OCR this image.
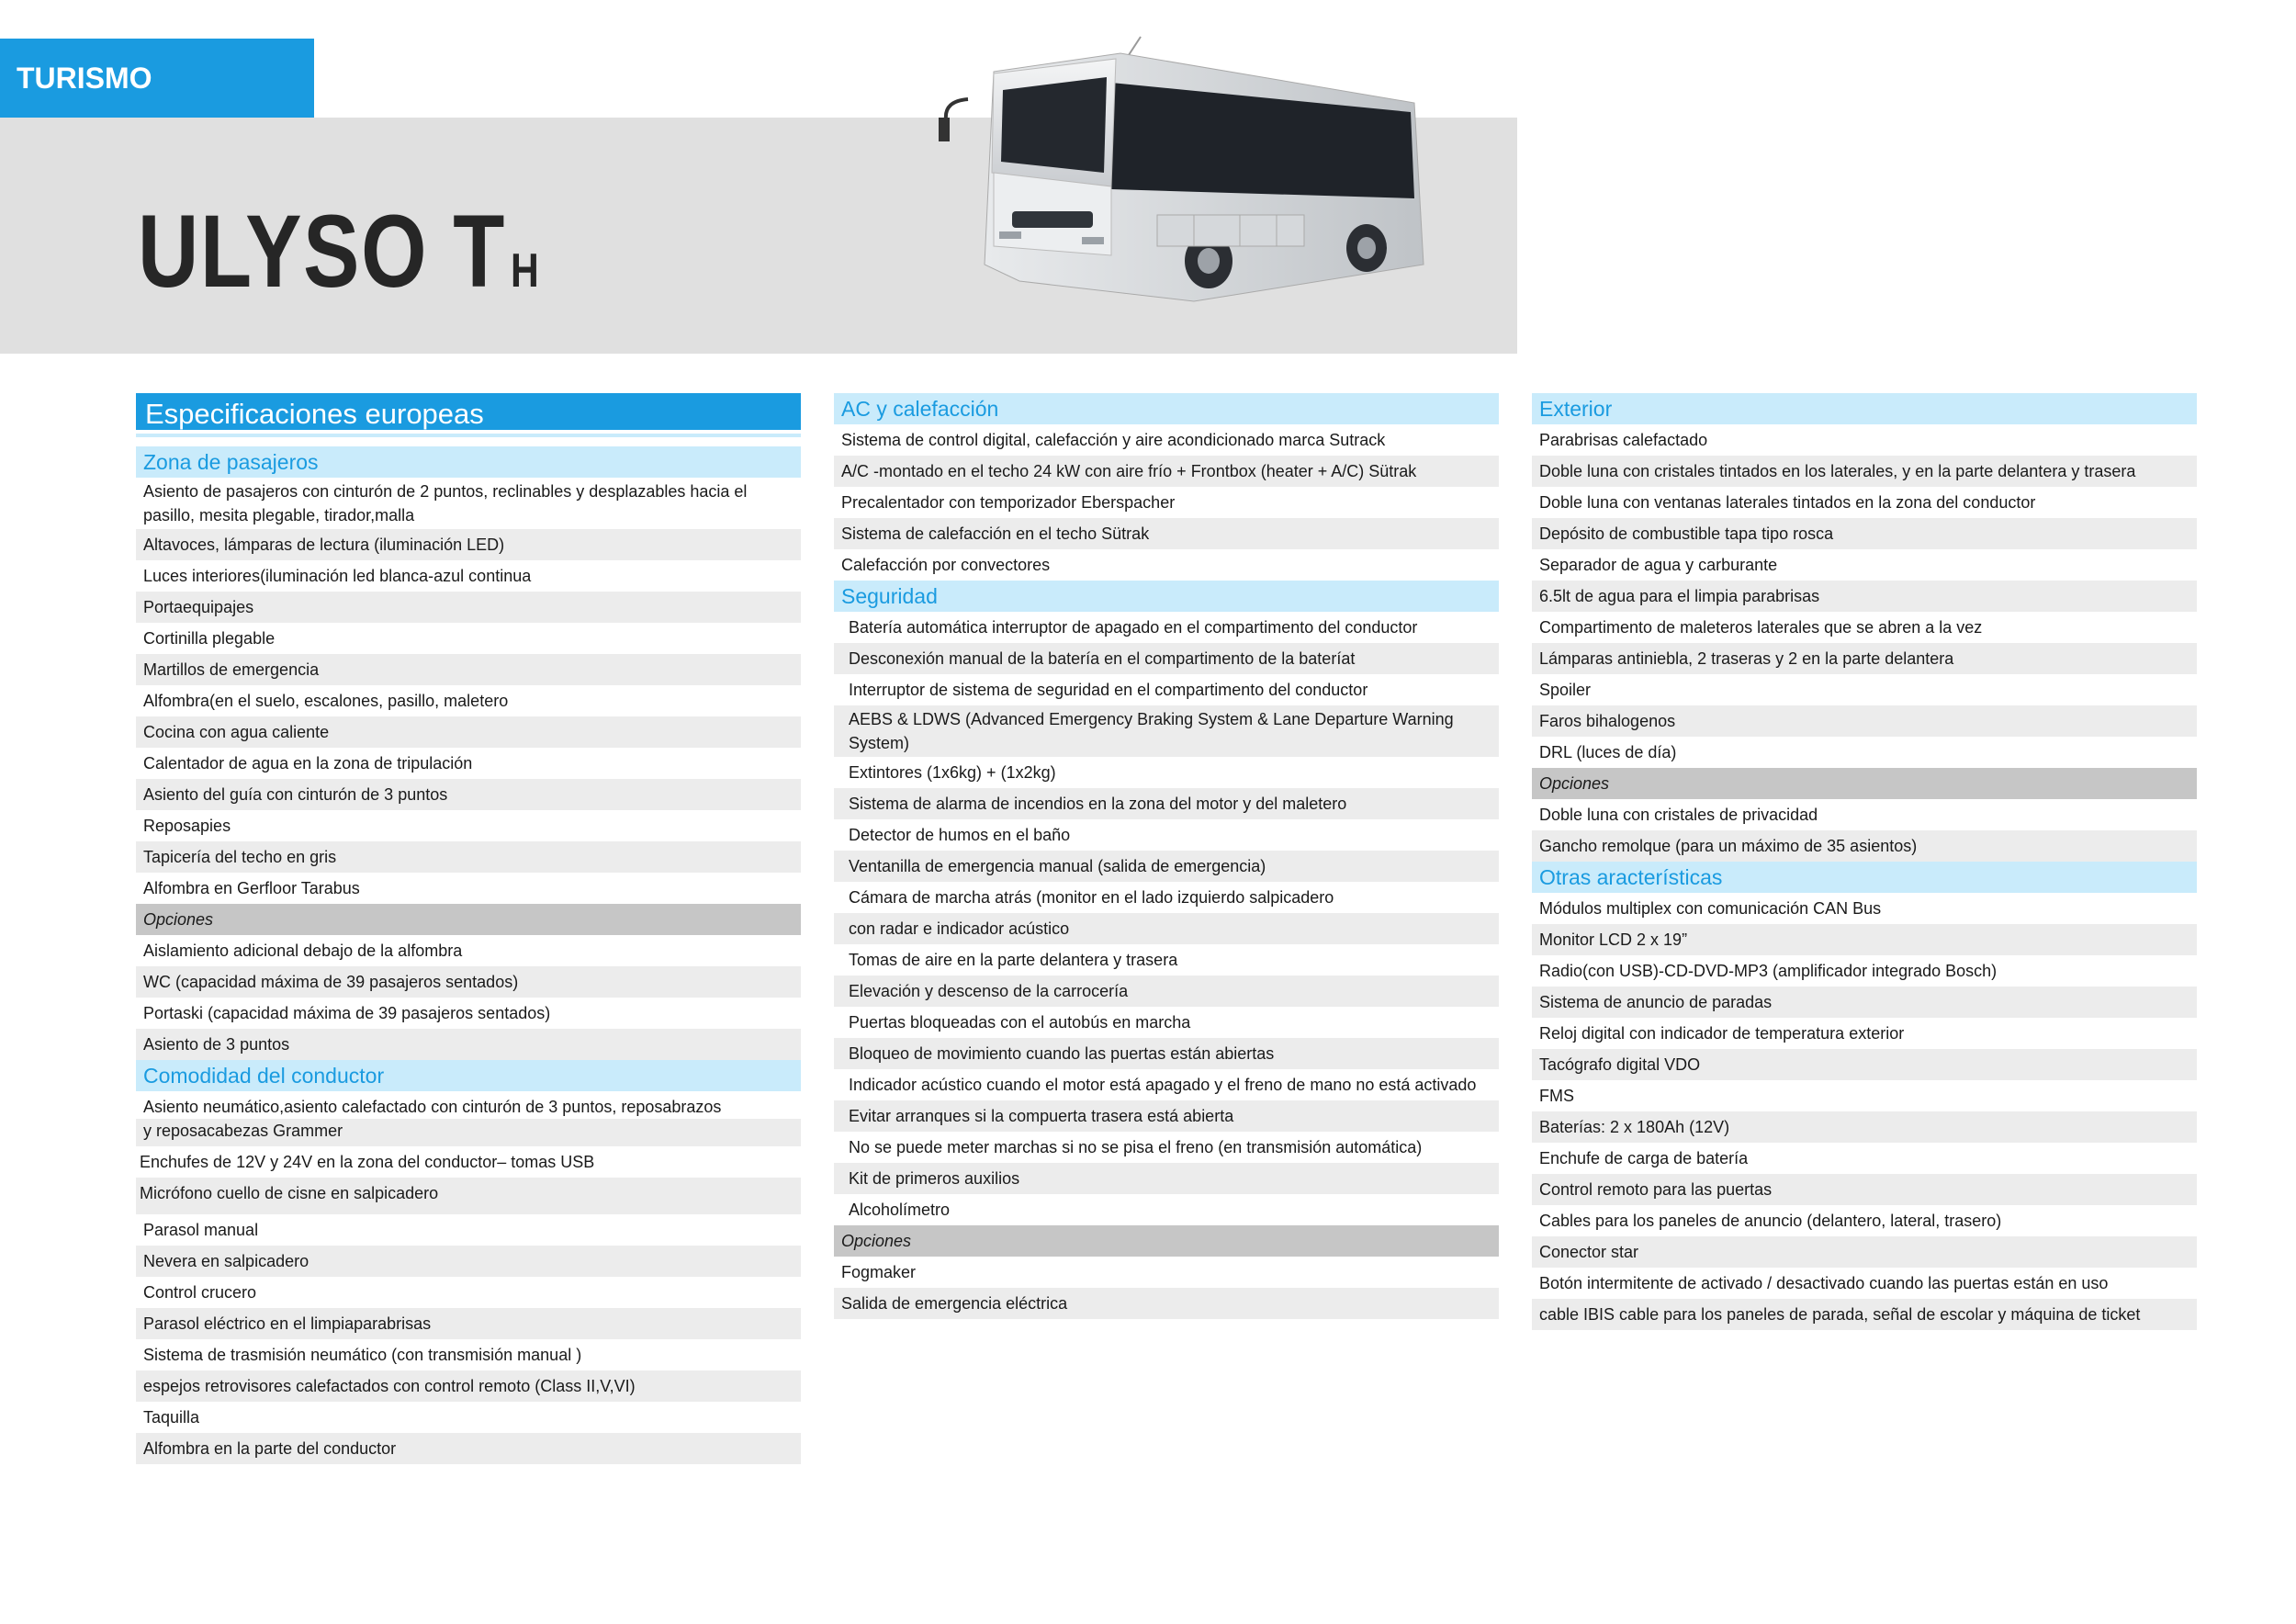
TURISMO
ULYSO TH
Especificaciones europeas
Zona de pasajeros
Asiento de pasajeros con cinturón de 2 puntos, reclinables y desplazables hacia el pasillo, mesita plegable, tirador,malla
Altavoces, lámparas de lectura (iluminación LED)
Luces interiores(iluminación led blanca-azul continua
Portaequipajes
Cortinilla plegable
Martillos de emergencia
Alfombra(en el suelo, escalones, pasillo, maletero
Cocina con agua caliente
Calentador de agua en la zona de tripulación
Asiento del guía con cinturón de 3 puntos
Reposapies
Tapicería del techo en gris
Alfombra en Gerfloor Tarabus
Opciones
Aislamiento adicional debajo de la alfombra
WC (capacidad máxima de 39 pasajeros sentados)
Portaski (capacidad máxima de 39 pasajeros sentados)
Asiento de 3 puntos
Comodidad del conductor
Asiento neumático,asiento calefactado con cinturón de 3 puntos, reposabrazos
y reposacabezas Grammer
Enchufes de 12V y 24V en la zona del conductor– tomas USB
Micrófono cuello de cisne en salpicadero
Parasol manual
Nevera en salpicadero
Control crucero
Parasol eléctrico en el limpiaparabrisas
Sistema de trasmisión neumático (con transmisión manual )
espejos retrovisores calefactados con control remoto (Class II,V,VI)
Taquilla
Alfombra en la parte del conductor
AC y calefacción
Sistema de control digital, calefacción y aire acondicionado marca Sutrack
A/C -montado en el techo 24 kW con aire frío + Frontbox (heater + A/C) Sütrak
Precalentador con temporizador Eberspacher
Sistema de calefacción en el techo Sütrak
Calefacción por convectores
Seguridad
Batería automática interruptor de apagado en el compartimento del conductor
Desconexión manual de la batería en el compartimento de la bateríat
Interruptor de sistema de seguridad en el compartimento del conductor
AEBS & LDWS (Advanced Emergency Braking System & Lane Departure Warning System)
Extintores (1x6kg) + (1x2kg)
Sistema de alarma de incendios en la zona del motor y del maletero
Detector de humos en el baño
Ventanilla de emergencia manual (salida de emergencia)
Cámara de marcha atrás (monitor en el lado izquierdo salpicadero
con radar e indicador acústico
Tomas de aire en la parte delantera y trasera
Elevación y descenso de la carrocería
Puertas bloqueadas con el autobús en marcha
Bloqueo de movimiento cuando las puertas están abiertas
Indicador acústico cuando el motor está apagado y el freno de mano no está activado
Evitar arranques si la compuerta trasera está abierta
No se puede meter marchas si no se pisa el freno (en transmisión automática)
Kit de primeros auxilios
Alcoholímetro
Opciones
Fogmaker
Salida de emergencia eléctrica
Exterior
Parabrisas calefactado
Doble luna con cristales tintados en los laterales, y en la parte delantera y trasera
Doble luna con ventanas laterales tintados en la zona del conductor
Depósito de combustible tapa tipo rosca
Separador de agua y carburante
6.5lt de agua para el limpia parabrisas
Compartimento de maleteros laterales que se abren a la vez
Lámparas antiniebla, 2 traseras y 2 en la parte delantera
Spoiler
Faros bihalogenos
DRL (luces de día)
Opciones
Doble luna con cristales de privacidad
Gancho remolque (para un máximo de 35 asientos)
Otras aracterísticas
Módulos multiplex con comunicación CAN Bus
Monitor LCD 2 x 19”
Radio(con USB)-CD-DVD-MP3 (amplificador integrado Bosch)
Sistema de anuncio de paradas
Reloj digital con indicador de temperatura exterior
Tacógrafo digital VDO
FMS
Baterías: 2 x 180Ah (12V)
Enchufe de carga de batería
Control remoto para las puertas
Cables para los paneles de anuncio (delantero, lateral, trasero)
Conector star
Botón intermitente de activado / desactivado cuando las puertas están en uso
cable IBIS cable para los paneles de parada, señal de escolar y máquina de ticket
